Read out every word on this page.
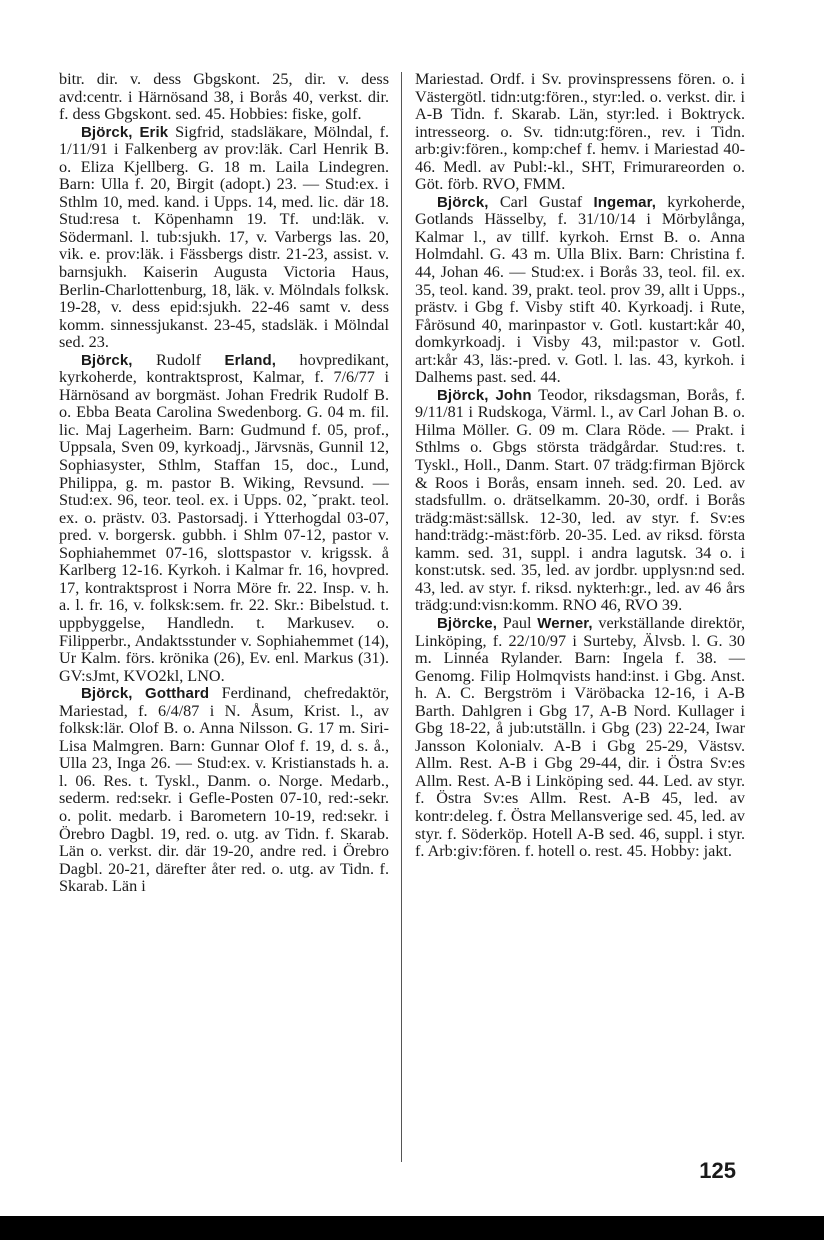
bitr. dir. v. dess Gbgskont. 25, dir. v. dess avd:centr. i Härnösand 38, i Borås 40, verkst. dir. f. dess Gbgskont. sed. 45. Hobbies: fiske, golf.

Björck, Erik Sigfrid, stadsläkare, Mölndal, f. 1/11/91 i Falkenberg av prov:läk. Carl Henrik B. o. Eliza Kjellberg. G. 18 m. Laila Lindegren. Barn: Ulla f. 20, Birgit (adopt.) 23. — Stud:ex. i Sthlm 10, med. kand. i Upps. 14, med. lic. där 18. Stud:resa t. Köpenhamn 19. Tf. und:läk. v. Södermanl. l. tub:sjukh. 17, v. Varbergs las. 20, vik. e. prov:läk. i Fässbergs distr. 21-23, assist. v. barnsjukh. Kaiserin Augusta Victoria Haus, Berlin-Charlottenburg, 18, läk. v. Mölndals folksk. 19-28, v. dess epid:sjukh. 22-46 samt v. dess komm. sinnessjukanst. 23-45, stadsläk. i Mölndal sed. 23.

Björck, Rudolf Erland, hovpredikant, kyrkoherde, kontraktsprost, Kalmar, f. 7/6/77 i Härnösand av borgmäst. Johan Fredrik Rudolf B. o. Ebba Beata Carolina Swedenborg. G. 04 m. fil. lic. Maj Lagerheim. Barn: Gudmund f. 05, prof., Uppsala, Sven 09, kyrkoadj., Järvsnäs, Gunnil 12, Sophiasyster, Sthlm, Staffan 15, doc., Lund, Philippa, g. m. pastor B. Wiking, Revsund. — Stud:ex. 96, teor. teol. ex. i Upps. 02, ˇprakt. teol. ex. o. prästv. 03. Pastorsadj. i Ytterhogdal 03-07, pred. v. borgersk. gubbh. i Shlm 07-12, pastor v. Sophiahemmet 07-16, slottspastor v. krigssk. å Karlberg 12-16. Kyrkoh. i Kalmar fr. 16, hovpred. 17, kontraktsprost i Norra Möre fr. 22. Insp. v. h. a. l. fr. 16, v. folksk:sem. fr. 22. Skr.: Bibelstud. t. uppbyggelse, Handledn. t. Markusev. o. Filipperbr., Andaktsstunder v. Sophiahemmet (14), Ur Kalm. förs. krönika (26), Ev. enl. Markus (31). GV:sJmt, KVO2kl, LNO.

Björck, Gotthard Ferdinand, chefredaktör, Mariestad, f. 6/4/87 i N. Åsum, Krist. l., av folksk:lär. Olof B. o. Anna Nilsson. G. 17 m. Siri-Lisa Malmgren. Barn: Gunnar Olof f. 19, d. s. å., Ulla 23, Inga 26. — Stud:ex. v. Kristianstads h. a. l. 06. Res. t. Tyskl., Danm. o. Norge. Medarb., sederm. red:sekr. i Gefle-Posten 07-10, red:-sekr. o. polit. medarb. i Barometern 10-19, red:sekr. i Örebro Dagbl. 19, red. o. utg. av Tidn. f. Skarab. Län o. verkst. dir. där 19-20, andre red. i Örebro Dagbl. 20-21, därefter åter red. o. utg. av Tidn. f. Skarab. Län i

Mariestad. Ordf. i Sv. provinspressens fören. o. i Västergötl. tidn:utg:fören., styr:led. o. verkst. dir. i A-B Tidn. f. Skarab. Län, styr:led. i Boktryck. intresseorg. o. Sv. tidn:utg:fören., rev. i Tidn. arb:giv:fören., komp:chef f. hemv. i Mariestad 40-46. Medl. av Publ:-kl., SHT, Frimurareorden o. Göt. förb. RVO, FMM.

Björck, Carl Gustaf Ingemar, kyrkoherde, Gotlands Hässelby, f. 31/10/14 i Mörbylånga, Kalmar l., av tillf. kyrkoh. Ernst B. o. Anna Holmdahl. G. 43 m. Ulla Blix. Barn: Christina f. 44, Johan 46. — Stud:ex. i Borås 33, teol. fil. ex. 35, teol. kand. 39, prakt. teol. prov 39, allt i Upps., prästv. i Gbg f. Visby stift 40. Kyrkoadj. i Rute, Fårösund 40, marinpastor v. Gotl. kustart:kår 40, domkyrkoadj. i Visby 43, mil:pastor v. Gotl. art:kår 43, läs:-pred. v. Gotl. l. las. 43, kyrkoh. i Dalhems past. sed. 44.

Björck, John Teodor, riksdagsman, Borås, f. 9/11/81 i Rudskoga, Värml. l., av Carl Johan B. o. Hilma Möller. G. 09 m. Clara Röde. — Prakt. i Sthlms o. Gbgs största trädgårdar. Stud:res. t. Tyskl., Holl., Danm. Start. 07 trädg:firman Björck & Roos i Borås, ensam inneh. sed. 20. Led. av stadsfullm. o. drätselkamm. 20-30, ordf. i Borås trädg:mäst:sällsk. 12-30, led. av styr. f. Sv:es hand:trädg:-mäst:förb. 20-35. Led. av riksd. första kamm. sed. 31, suppl. i andra lagutsk. 34 o. i konst:utsk. sed. 35, led. av jordbr. upplysn:nd sed. 43, led. av styr. f. riksd. nykterh:gr., led. av 46 års trädg:und:visn:komm. RNO 46, RVO 39.

Björcke, Paul Werner, verkställande direktör, Linköping, f. 22/10/97 i Surteby, Älvsb. l. G. 30 m. Linnéa Rylander. Barn: Ingela f. 38. — Genomg. Filip Holmqvists hand:inst. i Gbg. Anst. h. A. C. Bergström i Väröbacka 12-16, i A-B Barth. Dahlgren i Gbg 17, A-B Nord. Kullager i Gbg 18-22, å jub:utställn. i Gbg (23) 22-24, Iwar Jansson Kolonialv. A-B i Gbg 25-29, Västsv. Allm. Rest. A-B i Gbg 29-44, dir. i Östra Sv:es Allm. Rest. A-B i Linköping sed. 44. Led. av styr. f. Östra Sv:es Allm. Rest. A-B 45, led. av kontr:deleg. f. Östra Mellansverige sed. 45, led. av styr. f. Söderköp. Hotell A-B sed. 46, suppl. i styr. f. Arb:giv:fören. f. hotell o. rest. 45. Hobby: jakt.

125
